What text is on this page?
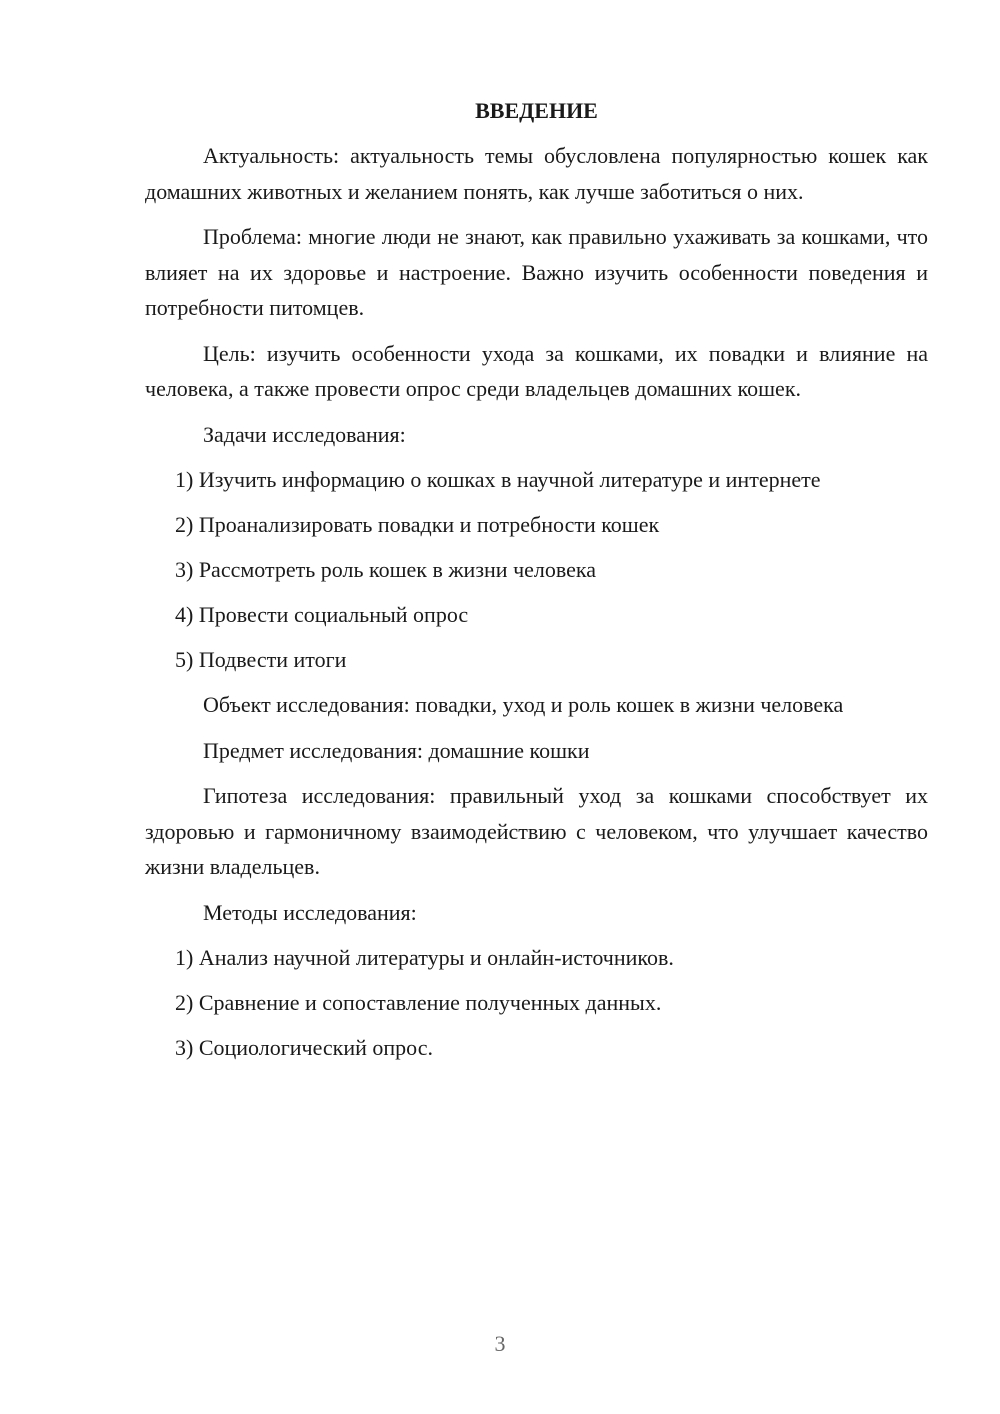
ВВЕДЕНИЕ
Актуальность: актуальность темы обусловлена популярностью кошек как домашних животных и желанием понять, как лучше заботиться о них.
Проблема: многие люди не знают, как правильно ухаживать за кошками, что влияет на их здоровье и настроение. Важно изучить особенности поведения и потребности питомцев.
Цель: изучить особенности ухода за кошками, их повадки и влияние на человека, а также провести опрос среди владельцев домашних кошек.
Задачи исследования:
1) Изучить информацию о кошках в научной литературе и интернете
2) Проанализировать повадки и потребности кошек
3) Рассмотреть роль кошек в жизни человека
4) Провести социальный опрос
5) Подвести итоги
Объект исследования: повадки, уход и роль кошек в жизни человека
Предмет исследования: домашние кошки
Гипотеза исследования: правильный уход за кошками способствует их здоровью и гармоничному взаимодействию с человеком, что улучшает качество жизни владельцев.
Методы исследования:
1) Анализ научной литературы и онлайн-источников.
2) Сравнение и сопоставление полученных данных.
3) Социологический опрос.
3
